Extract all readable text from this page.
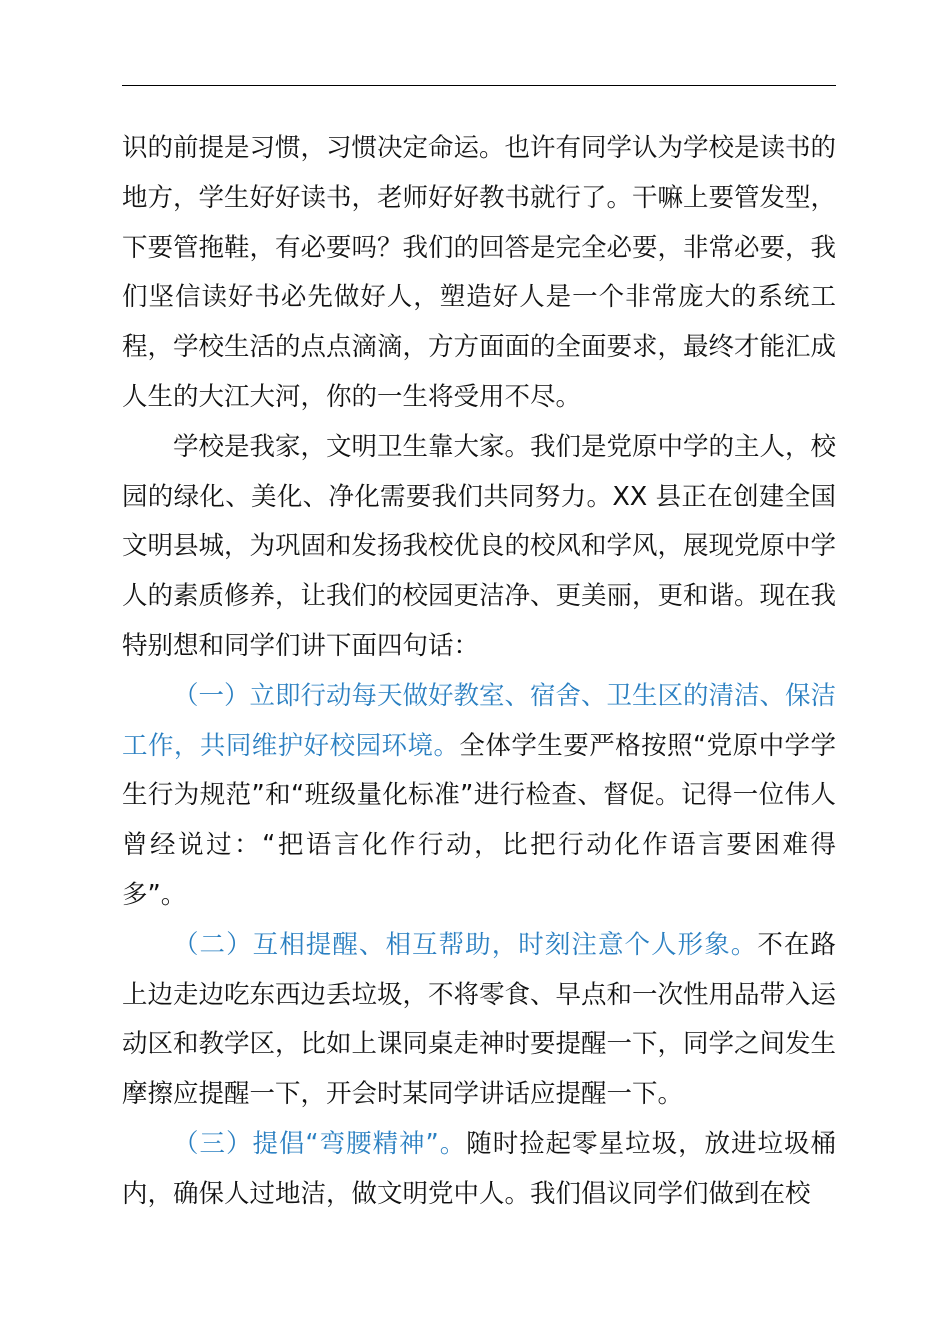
识的前提是习惯，习惯决定命运。也许有同学认为学校是读书的地方，学生好好读书，老师好好教书就行了。干嘛上要管发型，下要管拖鞋，有必要吗？我们的回答是完全必要，非常必要，我们坚信读好书必先做好人，塑造好人是一个非常庞大的系统工程，学校生活的点点滴滴，方方面面的全面要求，最终才能汇成人生的大江大河，你的一生将受用不尽。

学校是我家，文明卫生靠大家。我们是党原中学的主人，校园的绿化、美化、净化需要我们共同努力。XX 县正在创建全国文明县城，为巩固和发扬我校优良的校风和学风，展现党原中学人的素质修养，让我们的校园更洁净、更美丽，更和谐。现在我特别想和同学们讲下面四句话：

（一）立即行动每天做好教室、宿舍、卫生区的清洁、保洁工作，共同维护好校园环境。全体学生要严格按照“党原中学学生行为规范”和“班级量化标准”进行检查、督促。记得一位伟人曾经说过：“把语言化作行动，比把行动化作语言要困难得多”。

（二）互相提醒、相互帮助，时刻注意个人形象。不在路上边走边吃东西边丢垃圾，不将零食、早点和一次性用品带入运动区和教学区，比如上课同桌走神时要提醒一下，同学之间发生摩擦应提醒一下，开会时某同学讲话应提醒一下。

（三）提倡“弯腰精神”。随时捡起零星垃圾，放进垃圾桶内，确保人过地洁，做文明党中人。我们倡议同学们做到在校
